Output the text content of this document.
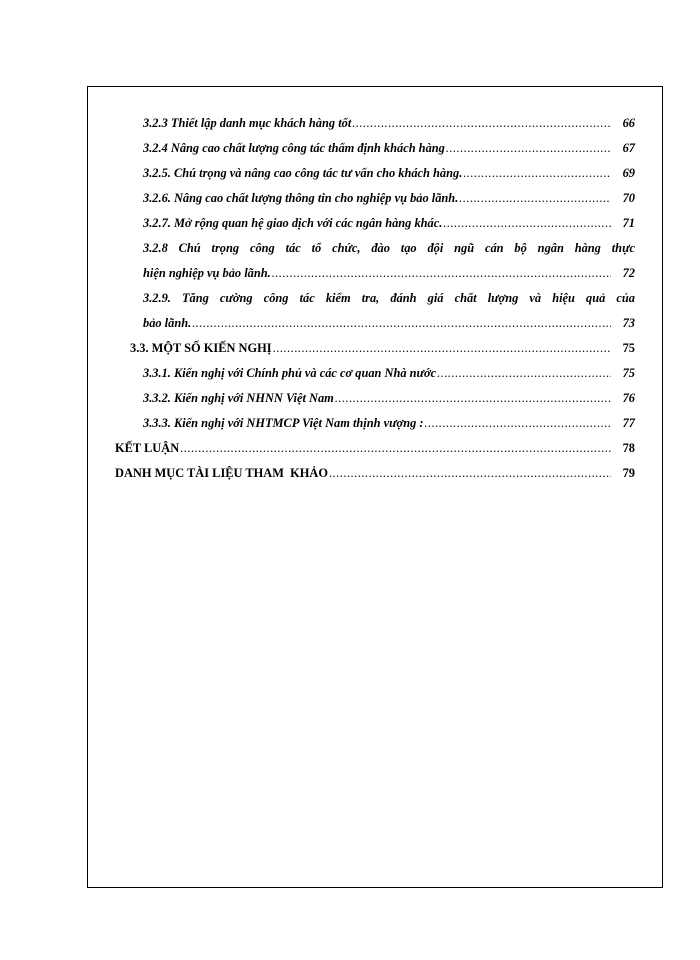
3.2.3 Thiết lập danh mục khách hàng tốt .....	66
3.2.4 Nâng cao chất lượng công tác thẩm định khách hàng .....	67
3.2.5. Chú trọng và nâng cao công tác tư vấn cho khách hàng. .....	69
3.2.6. Nâng cao chất lượng thông tin cho nghiệp vụ bảo lãnh. .....	70
3.2.7. Mở rộng quan hệ giao dịch với các ngân hàng khác. .....	71
3.2.8 Chú trọng công tác tổ chức, đào tạo đội ngũ cán bộ ngân hàng thực
hiện nghiệp vụ bảo lãnh. .....	72
3.2.9. Tăng cường công tác kiểm tra, đánh giá chất lượng và hiệu quả của
bảo lãnh. .....	73
3.3. MỘT SỐ KIẾN NGHỊ .....	75
3.3.1. Kiến nghị với Chính phủ và các cơ quan Nhà nước .....	75
3.3.2. Kiến nghị với NHNN Việt Nam .....	76
3.3.3. Kiến nghị với NHTMCP Việt Nam thịnh vượng : .....	77
KẾT LUẬN .....	78
DANH MỤC TÀI LIỆU THAM  KHẢO .....	79
